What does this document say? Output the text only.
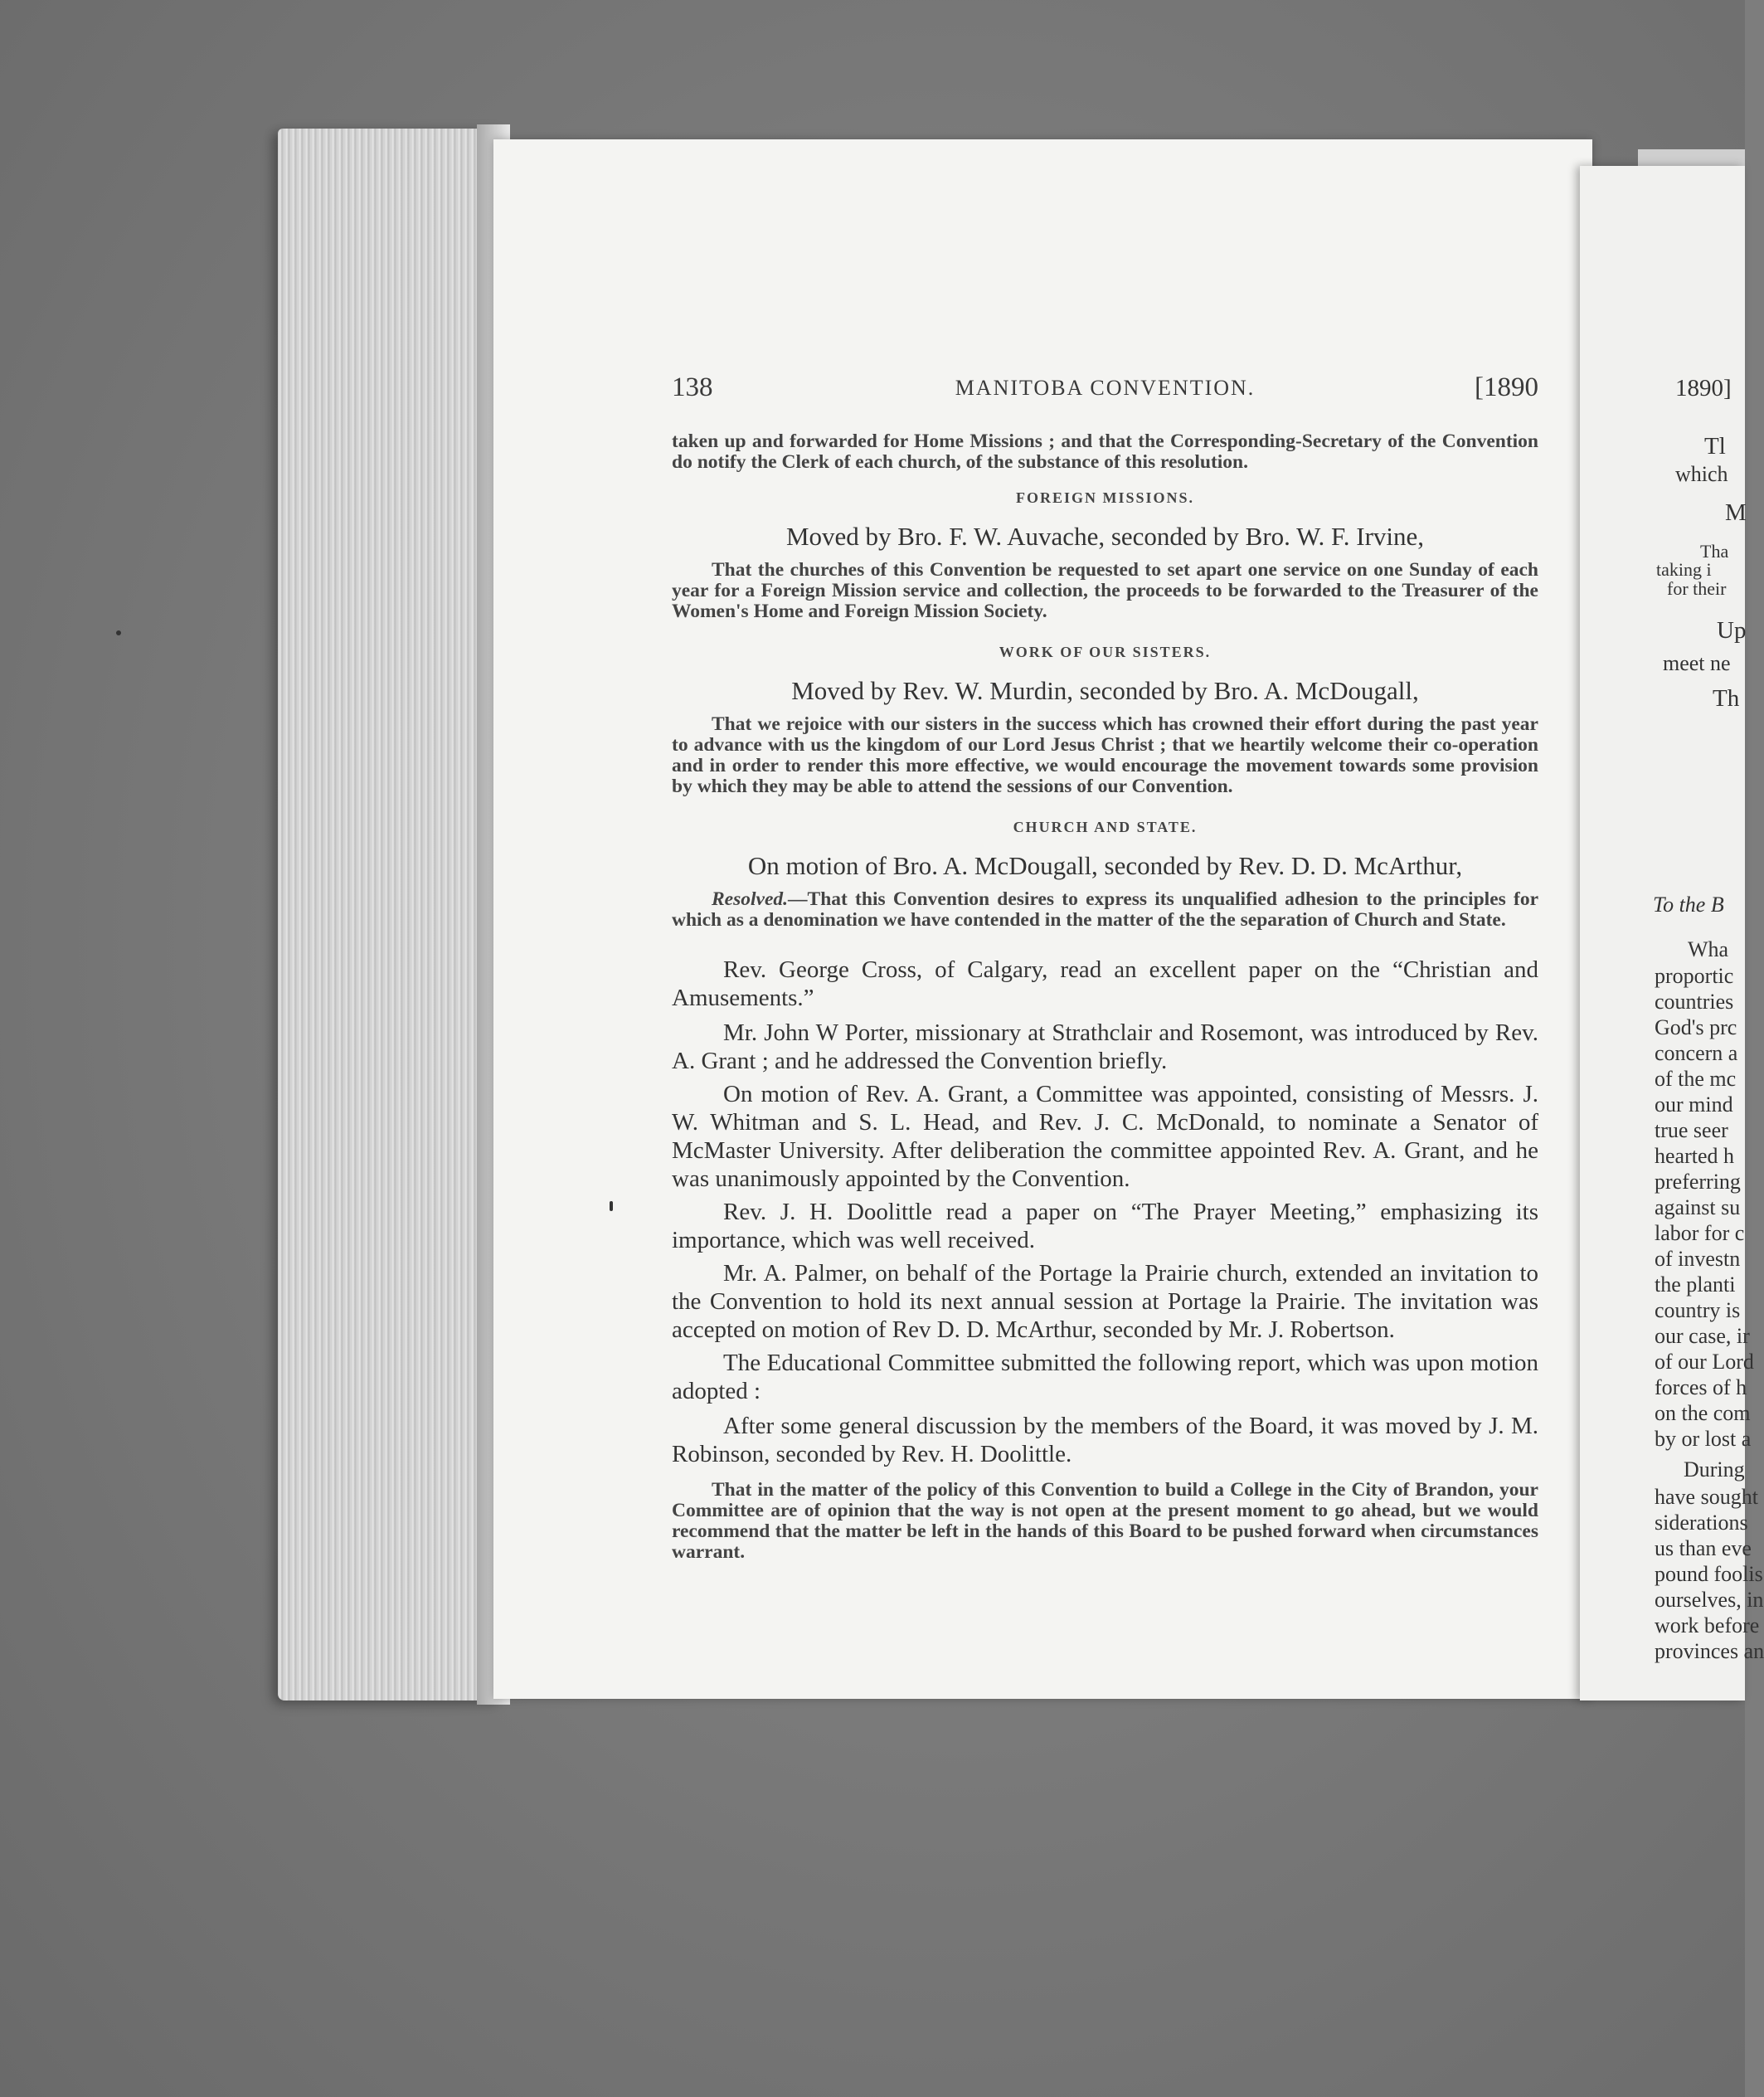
138	MANITOBA CONVENTION.	[1890

taken up and forwarded for Home Missions ; and that the Corresponding-Secretary of the Convention do notify the Clerk of each church, of the substance of this resolution.

FOREIGN MISSIONS.

Moved by Bro. F. W. Auvache, seconded by Bro. W. F. Irvine,

That the churches of this Convention be requested to set apart one service on one Sunday of each year for a Foreign Mission service and collection, the proceeds to be forwarded to the Treasurer of the Women's Home and Foreign Mission Society.

WORK OF OUR SISTERS.

Moved by Rev. W. Murdin, seconded by Bro. A. McDougall,

That we rejoice with our sisters in the success which has crowned their effort during the past year to advance with us the kingdom of our Lord Jesus Christ ; that we heartily welcome their co-operation and in order to render this more effective, we would encourage the movement towards some provision by which they may be able to attend the sessions of our Convention.

CHURCH AND STATE.

On motion of Bro. A. McDougall, seconded by Rev. D. D. McArthur,

Resolved.—That this Convention desires to express its unqualified adhesion to the principles for which as a denomination we have contended in the matter of the the separation of Church and State.

Rev. George Cross, of Calgary, read an excellent paper on the “Christian and Amusements.”

Mr. John W Porter, missionary at Strathclair and Rosemont, was introduced by Rev. A. Grant ; and he addressed the Convention briefly.

On motion of Rev. A. Grant, a Committee was appointed, consisting of Messrs. J. W. Whitman and S. L. Head, and Rev. J. C. McDonald, to nominate a Senator of McMaster University. After deliberation the committee appointed Rev. A. Grant, and he was unanimously appointed by the Convention.

Rev. J. H. Doolittle read a paper on “The Prayer Meeting,” emphasizing its importance, which was well received.

Mr. A. Palmer, on behalf of the Portage la Prairie church, extended an invitation to the Convention to hold its next annual session at Portage la Prairie. The invitation was accepted on motion of Rev D. D. McArthur, seconded by Mr. J. Robertson.

The Educational Committee submitted the following report, which was upon motion adopted :

After some general discussion by the members of the Board, it was moved by J. M. Robinson, seconded by Rev. H. Doolittle.

That in the matter of the policy of this Convention to build a College in the City of Brandon, your Committee are of opinion that the way is not open at the present moment to go ahead, but we would recommend that the matter be left in the hands of this Board to be pushed forward when circumstances warrant.

1890]
Tl
which
M
Tha
taking i
for their
Up
meet ne
Th
To the B
Wha
proportic
countries
God's prc
concern a
of the mc
our mind
true seer
hearted h
preferring
against su
labor for c
of investn
the planti
country is
our case, ir
of our Lord
forces of h
on the com
by or lost a
During
have sought
siderations
us than eve
pound foolis
ourselves, in
work before
provinces an
